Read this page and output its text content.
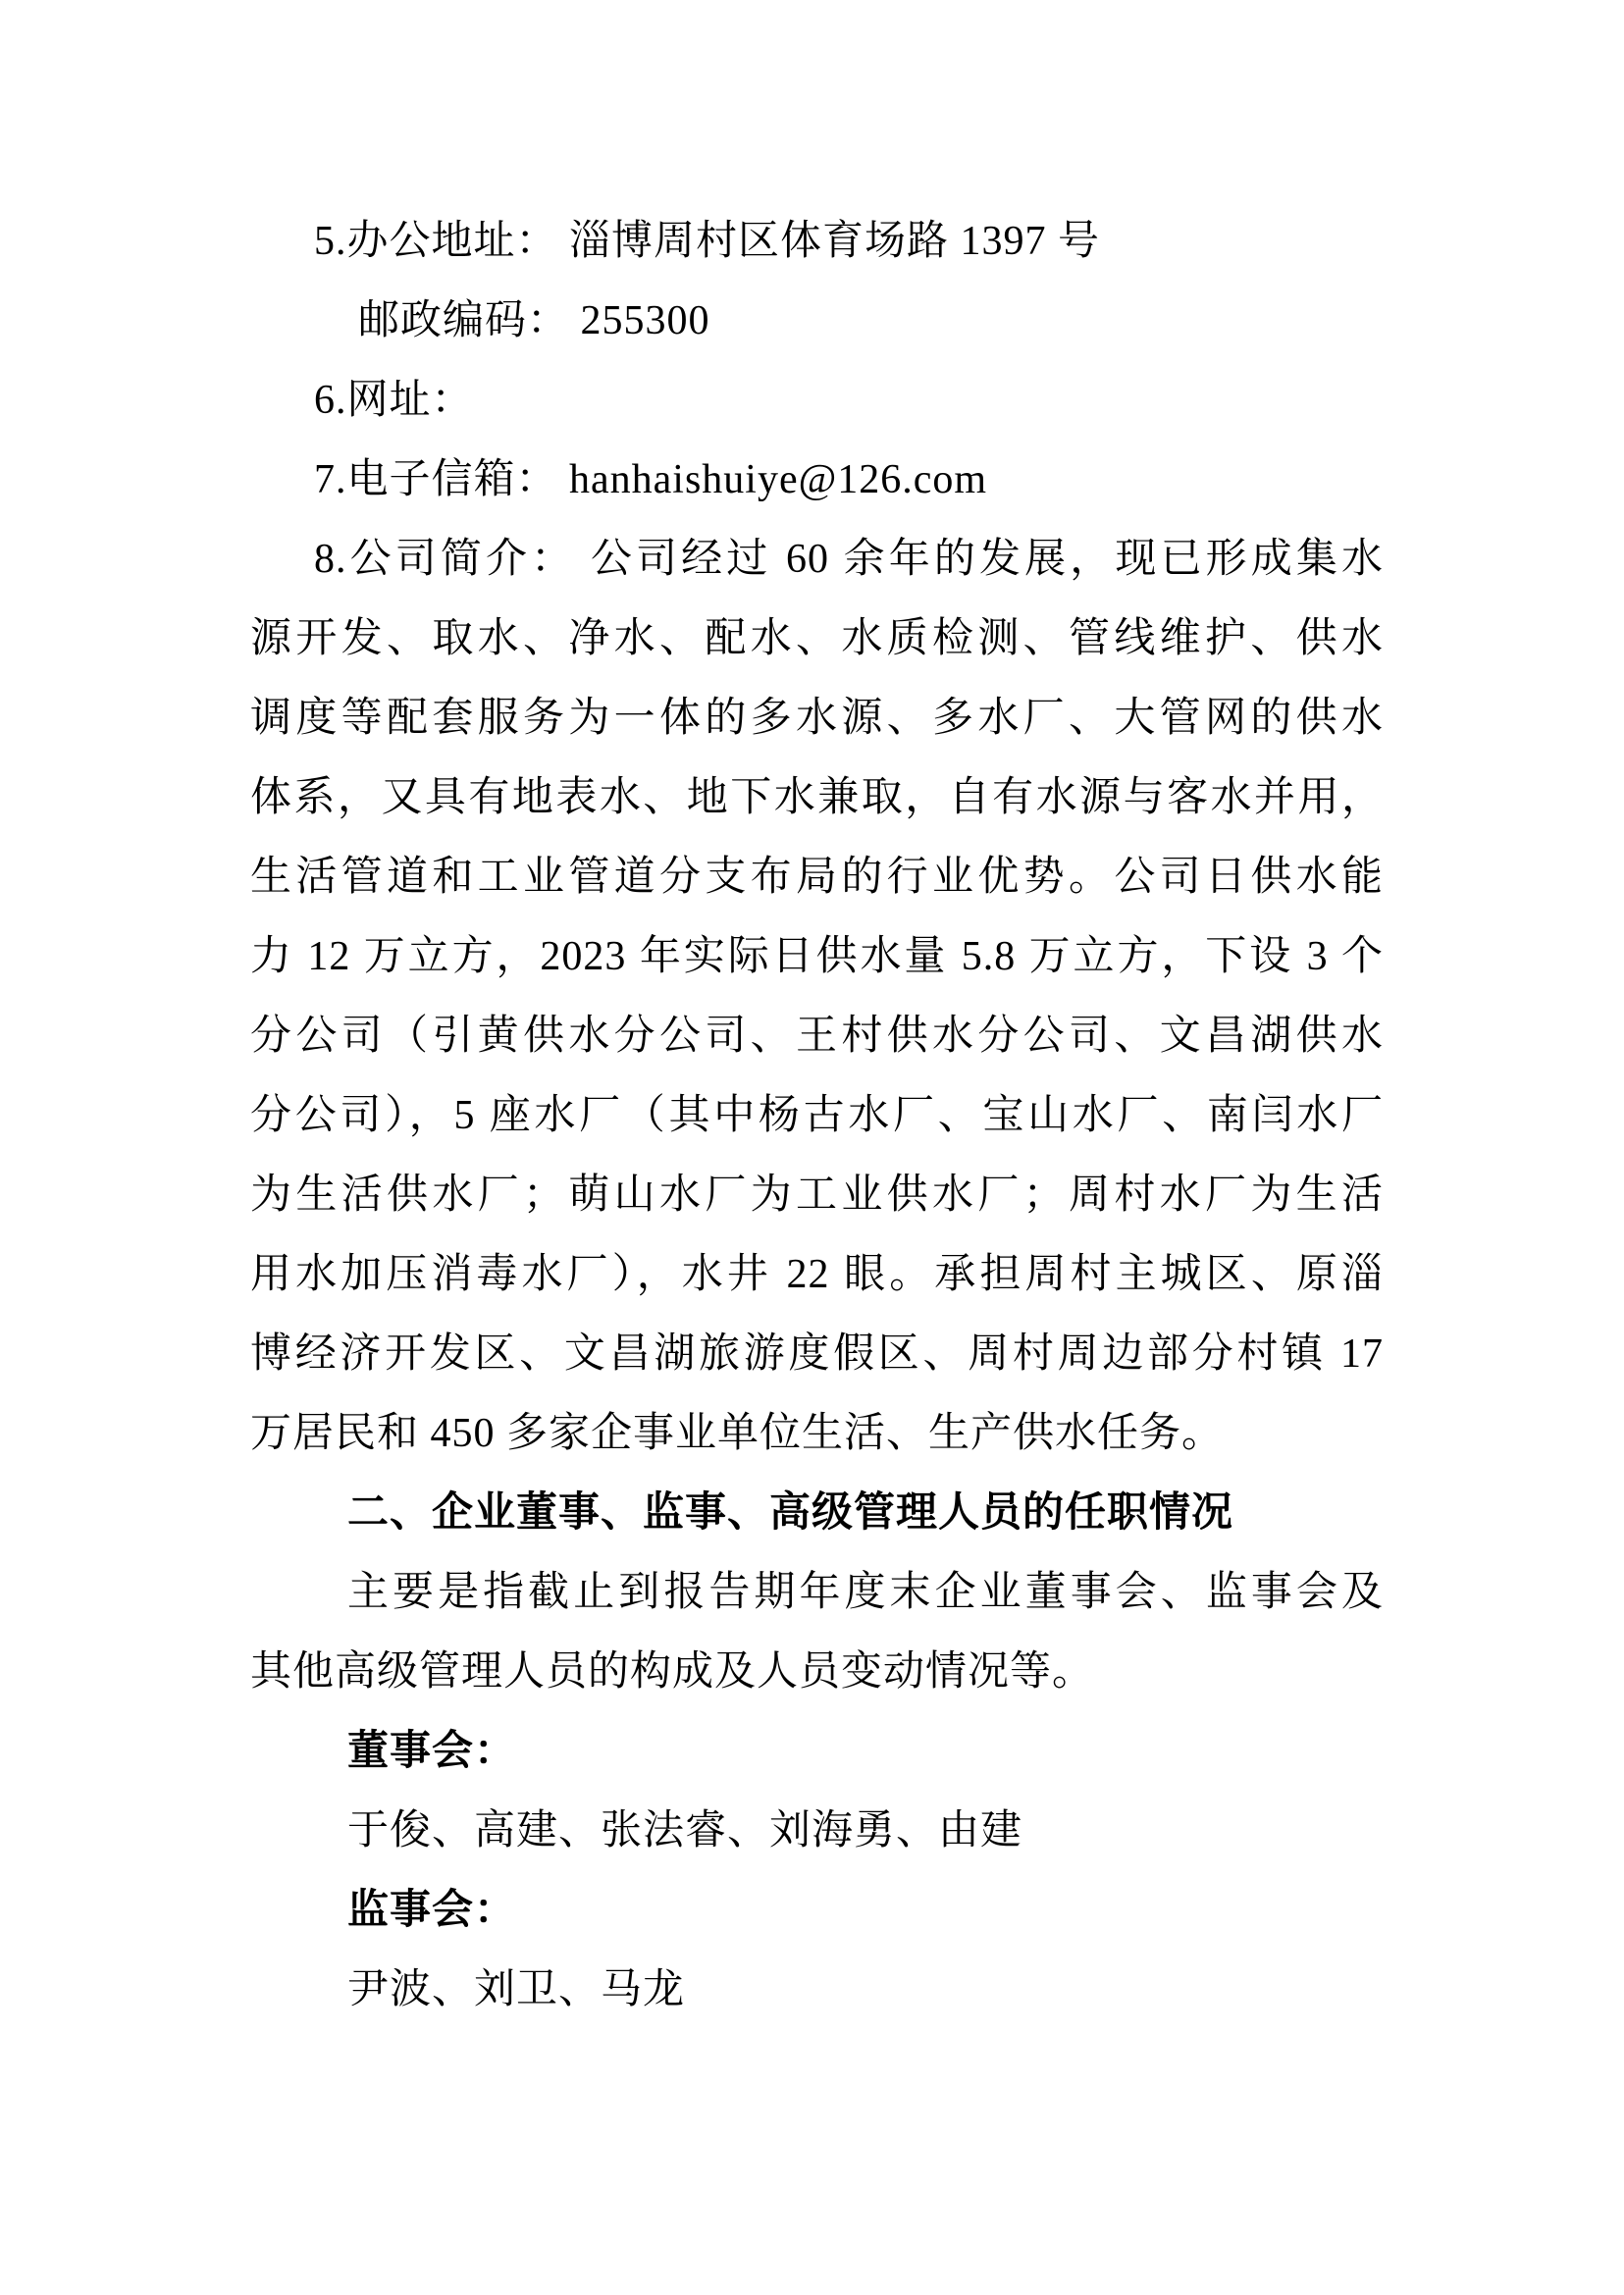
5.办公地址： 淄博周村区体育场路 1397 号
邮政编码： 255300
6.网址：
7.电子信箱： hanhaishuiye@126.com
8.公司简介： 公司经过 60 余年的发展，现已形成集水
源开发、取水、净水、配水、水质检测、管线维护、供水
调度等配套服务为一体的多水源、多水厂、大管网的供水
体系，又具有地表水、地下水兼取，自有水源与客水并用，
生活管道和工业管道分支布局的行业优势。公司日供水能
力 12 万立方，2023 年实际日供水量 5.8 万立方，下设 3 个
分公司（引黄供水分公司、王村供水分公司、文昌湖供水
分公司），5 座水厂（其中杨古水厂、宝山水厂、南闫水厂
为生活供水厂；萌山水厂为工业供水厂；周村水厂为生活
用水加压消毒水厂），水井 22 眼。承担周村主城区、原淄
博经济开发区、文昌湖旅游度假区、周村周边部分村镇 17
万居民和 450 多家企事业单位生活、生产供水任务。
二、企业董事、监事、高级管理人员的任职情况
主要是指截止到报告期年度末企业董事会、监事会及
其他高级管理人员的构成及人员变动情况等。
董事会：
于俊、高建、张法睿、刘海勇、由建
监事会：
尹波、刘卫、马龙
